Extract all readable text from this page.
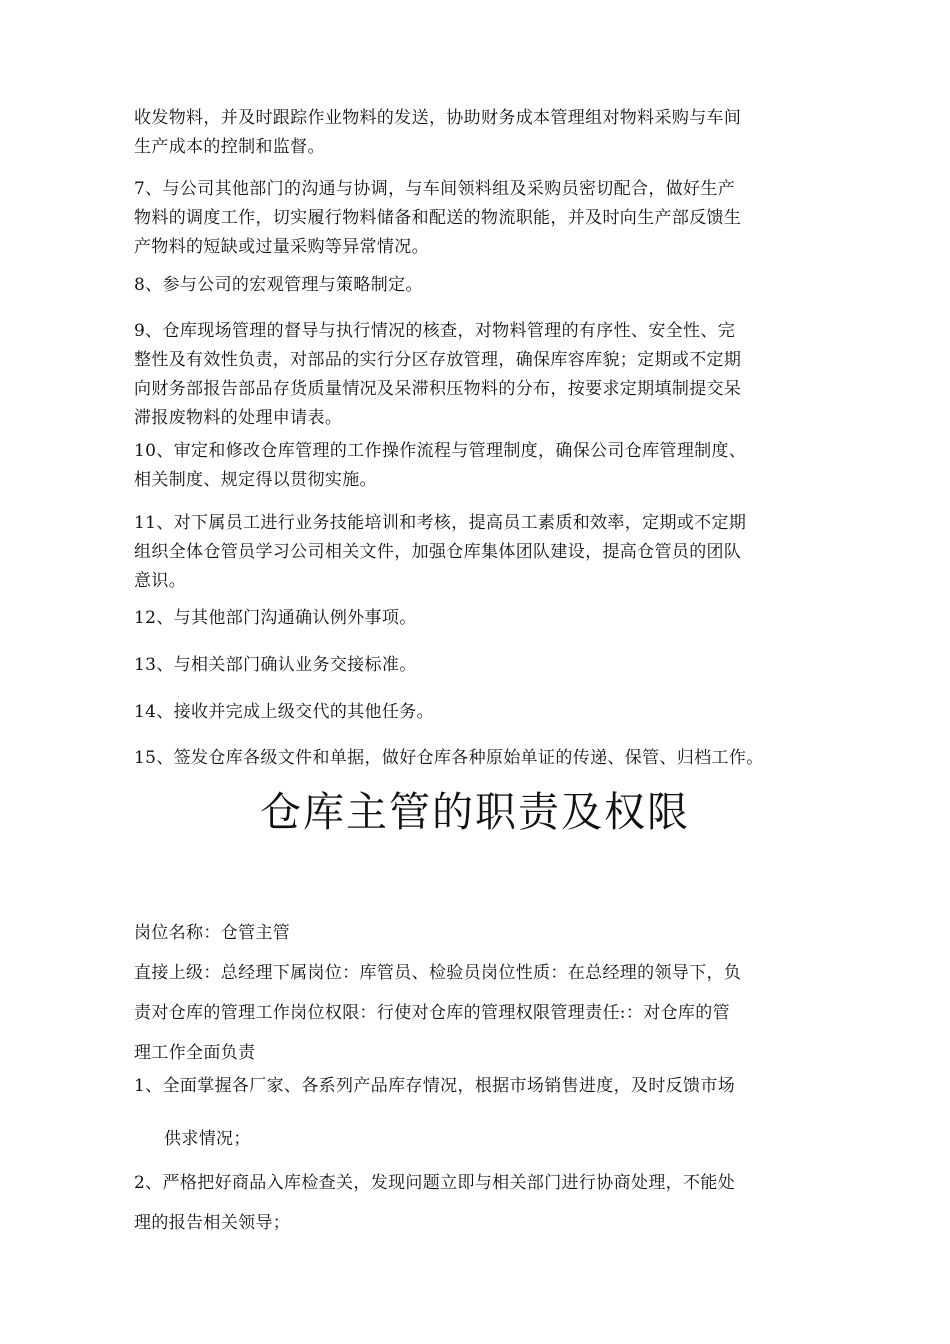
收发物料，并及时跟踪作业物料的发送，协助财务成本管理组对物料采购与车间
生产成本的控制和监督。

7、与公司其他部门的沟通与协调，与车间领料组及采购员密切配合，做好生产
物料的调度工作，切实履行物料储备和配送的物流职能，并及时向生产部反馈生
产物料的短缺或过量采购等异常情况。

8、参与公司的宏观管理与策略制定。

9、仓库现场管理的督导与执行情况的核查，对物料管理的有序性、安全性、完
整性及有效性负责，对部品的实行分区存放管理，确保库容库貌；定期或不定期
向财务部报告部品存货质量情况及呆滞积压物料的分布，按要求定期填制提交呆
滞报废物料的处理申请表。

10、审定和修改仓库管理的工作操作流程与管理制度，确保公司仓库管理制度、
相关制度、规定得以贯彻实施。

11、对下属员工进行业务技能培训和考核，提高员工素质和效率，定期或不定期
组织全体仓管员学习公司相关文件，加强仓库集体团队建设，提高仓管员的团队
意识。

12、与其他部门沟通确认例外事项。

13、与相关部门确认业务交接标准。

14、接收并完成上级交代的其他任务。

15、签发仓库各级文件和单据，做好仓库各种原始单证的传递、保管、归档工作。

仓库主管的职责及权限

岗位名称：仓管主管

直接上级：总经理下属岗位：库管员、检验员岗位性质：在总经理的领导下，负
责对仓库的管理工作岗位权限：行使对仓库的管理权限管理责任:：对仓库的管
理工作全面负责

1、全面掌握各厂家、各系列产品库存情况，根据市场销售进度，及时反馈市场

供求情况；

2、严格把好商品入库检查关，发现问题立即与相关部门进行协商处理，不能处
理的报告相关领导；
